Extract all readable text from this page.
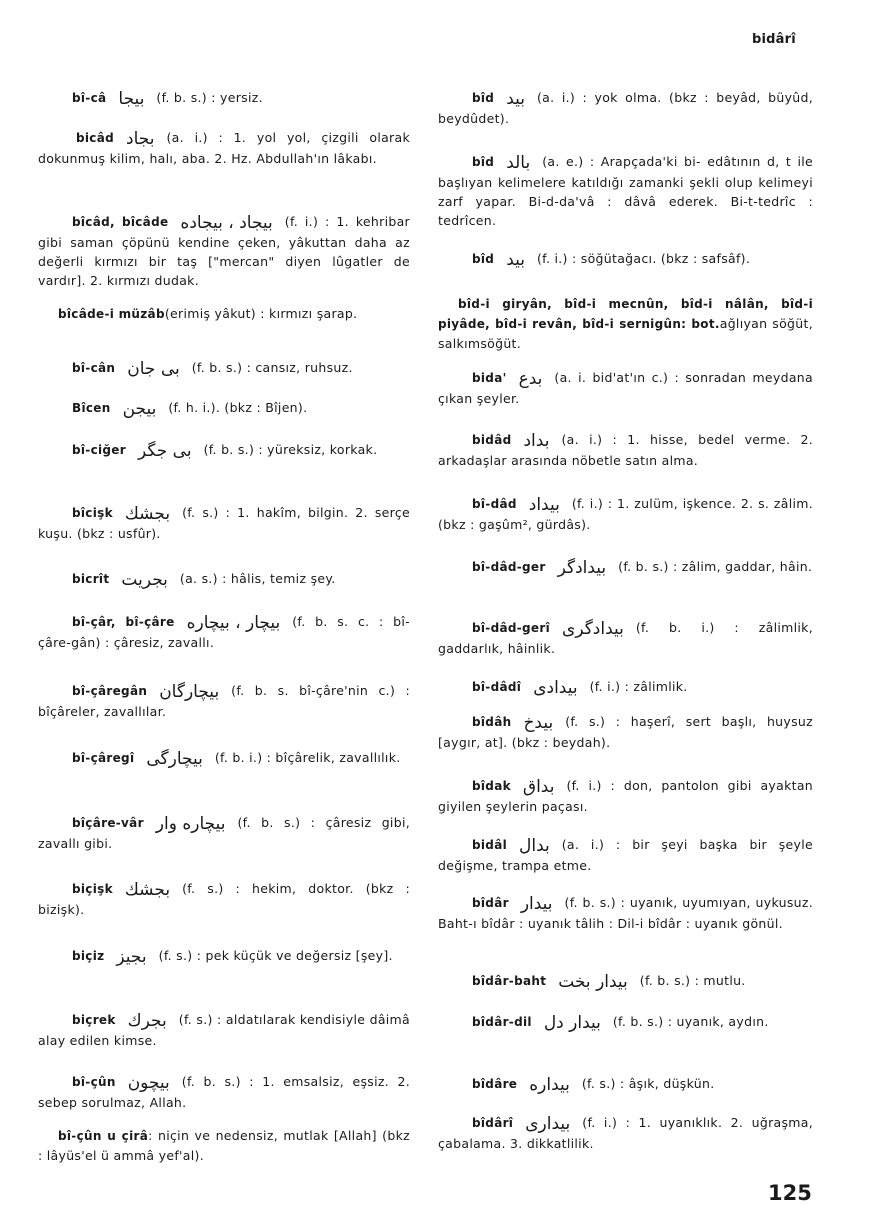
bidârî
bî-câ بیجا (f. b. s.) : yersiz.
bicâd بجاد (a. i.) : 1. yol yol, çizgili olarak dokunmuş kilim, halı, aba. 2. Hz. Abdullah'ın lâkabı.
bîcâd, bîcâde بیجاد ، بیجاده (f. i.) : 1. kehribar gibi saman çöpünü kendine çeken, yâkuttan daha az değerli kırmızı bir taş ["mercan" diyen lûgatler de vardır]. 2. kırmızı dudak.
bîcâde-i müzâb(erimiş yâkut) : kırmızı şarap.
bî-cân بی جان (f. b. s.) : cansız, ruhsuz.
Bîcen بیجن (f. h. i.). (bkz : Bîjen).
bî-ciğer بی جگر (f. b. s.) : yüreksiz, korkak.
bîcişk بجشك (f. s.) : 1. hakîm, bilgin. 2. serçe kuşu. (bkz : usfûr).
bicrît بجریت (a. s.) : hâlis, temiz şey.
bî-çâr, bî-çâre بیچار ، بیچاره (f. b. s. c. : bî-çâre-gân) : çâresiz, zavallı.
bî-çâregân بیچارگان (f. b. s. bî-çâre'nin c.) : bîçâreler, zavallılar.
bî-çâregî بیچارگی (f. b. i.) : bîçârelik, zavallılık.
bîçâre-vâr بیچاره وار (f. b. s.) : çâresiz gibi, zavallı gibi.
biçişk بجشك (f. s.) : hekim, doktor. (bkz : bizişk).
biçiz بجیز (f. s.) : pek küçük ve değersiz [şey].
biçrek بجرك (f. s.) : aldatılarak kendisiyle dâimâ alay edilen kimse.
bî-çûn بیچون (f. b. s.) : 1. emsalsiz, eşsiz. 2. sebep sorulmaz, Allah.
bî-çûn u çirâ: niçin ve nedensiz, mutlak [Allah] (bkz : lâyüs'el ü ammâ yef'al).
bîd بید (a. i.) : yok olma. (bkz : beyâd, büyûd, beydûdet).
bîd بالد (a. e.) : Arapçada'ki bi- edâtının d, t ile başlıyan kelimelere katıldığı zamanki şekli olup kelimeyi zarf yapar. Bi-d-da'vâ : dâvâ ederek. Bi-t-tedrîc : tedrîcen.
bîd بید (f. i.) : söğütağacı. (bkz : safsâf).
bîd-i giryân, bîd-i mecnûn, bîd-i nâlân, bîd-i piyâde, bîd-i revân, bîd-i sernigûn: bot.ağlıyan söğüt, salkımsöğüt.
bida' بدع (a. i. bid'at'ın c.) : sonradan meydana çıkan şeyler.
bidâd بداد (a. i.) : 1. hisse, bedel verme. 2. arkadaşlar arasında nöbetle satın alma.
bî-dâd بیداد (f. i.) : 1. zulüm, işkence. 2. s. zâlim. (bkz : gaşûm², gürdâs).
bî-dâd-ger بیدادگر (f. b. s.) : zâlim, gaddar, hâin.
bî-dâd-gerî بیدادگری (f. b. i.) : zâlimlik, gaddarlık, hâinlik.
bî-dâdî بیدادی (f. i.) : zâlimlik.
bîdâh بیدخ (f. s.) : haşerî, sert başlı, huysuz [aygır, at]. (bkz : beydah).
bîdak بداق (f. i.) : don, pantolon gibi ayaktan giyilen şeylerin paçası.
bidâl بدال (a. i.) : bir şeyi başka bir şeyle değişme, trampa etme.
bîdâr بیدار (f. b. s.) : uyanık, uyumıyan, uykusuz. Baht-ı bîdâr : uyanık tâlih : Dil-i bîdâr : uyanık gönül.
bîdâr-baht بیدار بخت (f. b. s.) : mutlu.
bîdâr-dil بیدار دل (f. b. s.) : uyanık, aydın.
bîdâre بیداره (f. s.) : âşık, düşkün.
bîdârî بیداری (f. i.) : 1. uyanıklık. 2. uğraşma, çabalama. 3. dikkatlilik.
125
